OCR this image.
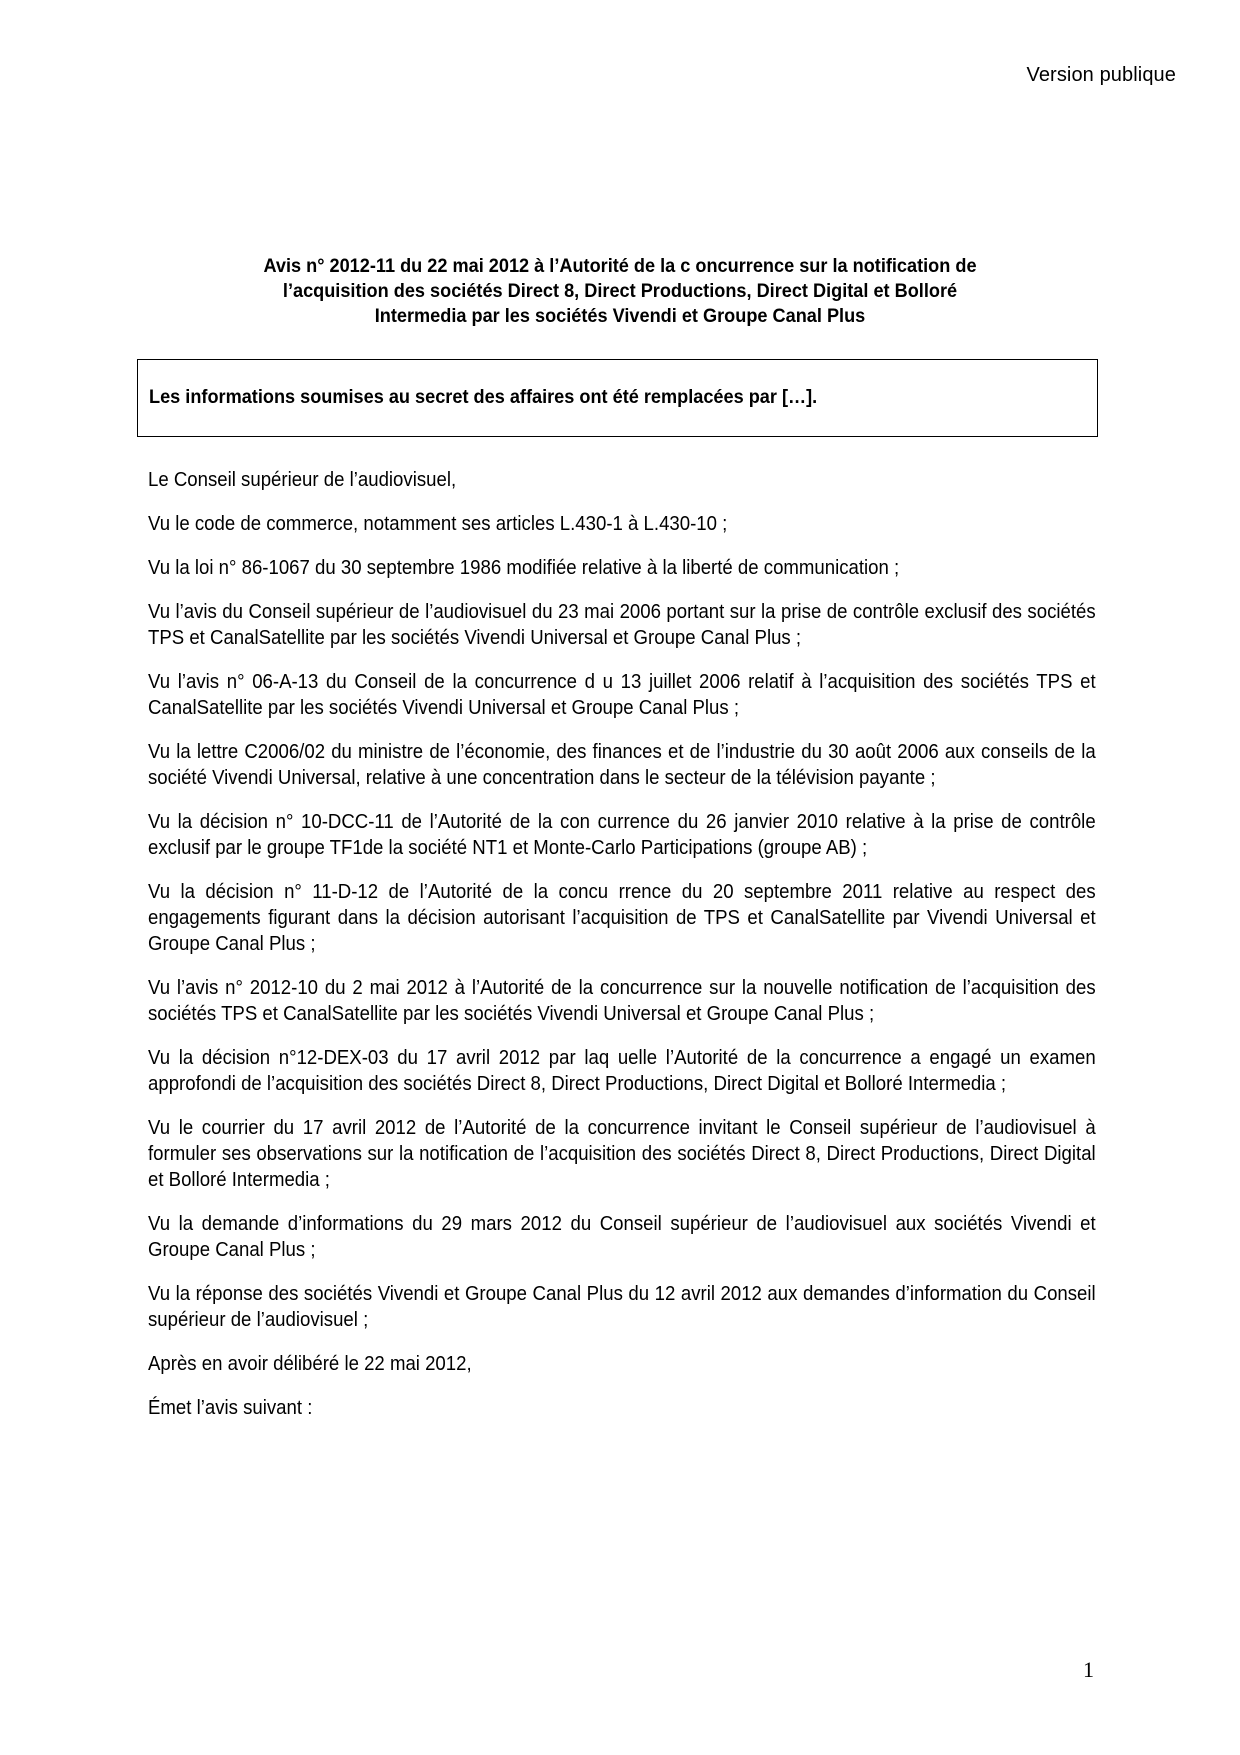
Version publique
Avis n° 2012-11 du 22 mai 2012 à l’Autorité de la c oncurrence sur la notification de
l’acquisition des sociétés Direct 8, Direct Productions, Direct Digital et Bolloré
Intermedia par les sociétés Vivendi et Groupe Canal Plus
Les informations soumises au secret des affaires ont été remplacées par […].

Le Conseil supérieur de l’audiovisuel,

Vu le code de commerce, notamment ses articles L.430-1 à L.430-10 ;

Vu la loi n° 86-1067 du 30 septembre 1986 modifiée relative à la liberté de communication ;

Vu l’avis du Conseil supérieur de l’audiovisuel du 23 mai 2006 portant sur la prise de contrôle exclusif des sociétés TPS et CanalSatellite par les sociétés Vivendi Universal et Groupe Canal Plus ;

Vu l’avis n° 06-A-13 du Conseil de la concurrence d u 13 juillet 2006 relatif à l’acquisition des sociétés TPS et CanalSatellite par les sociétés Vivendi Universal et Groupe Canal Plus ;

Vu la lettre C2006/02 du ministre de l’économie, des finances et de l’industrie du 30 août 2006 aux conseils de la société Vivendi Universal, relative à une concentration dans le secteur de la télévision payante ;

Vu la décision n° 10-DCC-11 de l’Autorité de la con currence du 26 janvier 2010 relative à la prise de contrôle exclusif par le groupe TF1de la société NT1 et Monte-Carlo Participations (groupe AB) ;

Vu la décision n° 11-D-12 de l’Autorité de la concu rrence du 20 septembre 2011 relative au respect des engagements figurant dans la décision autorisant l’acquisition de TPS et CanalSatellite par Vivendi Universal et Groupe Canal Plus ;

Vu l’avis n° 2012-10 du 2 mai 2012 à l’Autorité de la concurrence sur la nouvelle notification de l’acquisition des sociétés TPS et CanalSatellite par les sociétés Vivendi Universal et Groupe Canal Plus ;

Vu la décision n°12-DEX-03 du 17 avril 2012 par laq uelle l’Autorité de la concurrence a engagé un examen approfondi de l’acquisition des sociétés Direct 8, Direct Productions, Direct Digital et Bolloré Intermedia ;

Vu le courrier du 17 avril 2012 de l’Autorité de la concurrence invitant le Conseil supérieur de l’audiovisuel à formuler ses observations sur la notification de l’acquisition des sociétés Direct 8, Direct Productions, Direct Digital et Bolloré Intermedia ;

Vu la demande d’informations du 29 mars 2012 du Conseil supérieur de l’audiovisuel aux sociétés Vivendi et Groupe Canal Plus ;

Vu la réponse des sociétés Vivendi et Groupe Canal Plus du 12 avril 2012 aux demandes d’information du Conseil supérieur de l’audiovisuel ;

Après en avoir délibéré le 22 mai 2012,

Émet l’avis suivant :

1
